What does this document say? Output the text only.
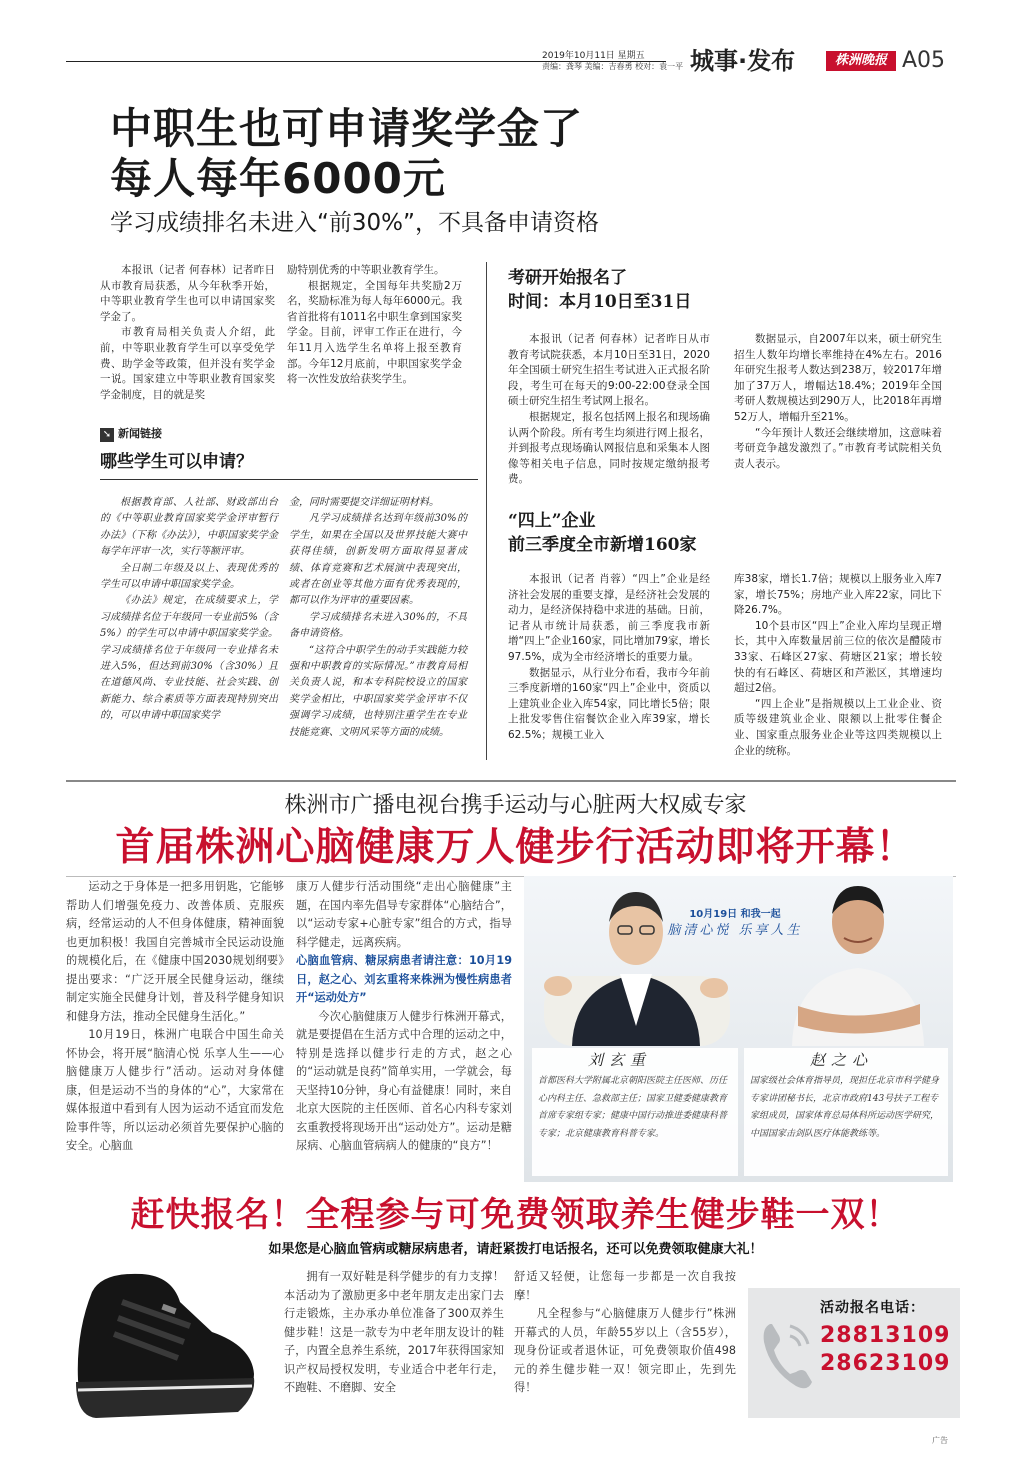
2019年10月11日 星期五
责编：龚琴 美编：吉春勇 校对：袁一平 城事·发布	株洲晚报 A05
中职生也可申请奖学金了
每人每年6000元
学习成绩排名未进入“前30%”，不具备申请资格

本报讯（记者 何春林）记者昨日从市教育局获悉，从今年秋季开始，中等职业教育学生也可以申请国家奖学金了。

市教育局相关负责人介绍，此前，中等职业教育学生可以享受免学费、助学金等政策，但并没有奖学金一说。国家建立中等职业教育国家奖学金制度，目的就是奖

励特别优秀的中等职业教育学生。

根据规定，全国每年共奖励2万名，奖励标准为每人每年6000元。我省首批将有1011名中职生拿到国家奖学金。目前，评审工作正在进行，今年11月入选学生名单将上报至教育部。今年12月底前，中职国家奖学金将一次性发放给获奖学生。

➘ 新闻链接
哪些学生可以申请？

根据教育部、人社部、财政部出台的《中等职业教育国家奖学金评审暂行办法》（下称《办法》），中职国家奖学金每学年评审一次，实行等额评审。

全日制二年级及以上、表现优秀的学生可以申请中职国家奖学金。

《办法》规定，在成绩要求上，学习成绩排名位于年级同一专业前5%（含5%）的学生可以申请中职国家奖学金。学习成绩排名位于年级同一专业排名未进入5%，但达到前30%（含30%）且在道德风尚、专业技能、社会实践、创新能力、综合素质等方面表现特别突出的，可以申请中职国家奖学

金，同时需要提交详细证明材料。

凡学习成绩排名达到年级前30%的学生，如果在全国以及世界技能大赛中获得佳绩，创新发明方面取得显著成绩、体育竞赛和艺术展演中表现突出，或者在创业等其他方面有优秀表现的，都可以作为评审的重要因素。

学习成绩排名未进入30%的，不具备申请资格。

“这符合中职学生的动手实践能力较强和中职教育的实际情况。”市教育局相关负责人说，和本专科院校设立的国家奖学金相比，中职国家奖学金评审不仅强调学习成绩，也特别注重学生在专业技能竞赛、文明风采等方面的成绩。

考研开始报名了
时间：本月10日至31日

本报讯（记者 何春林）记者昨日从市教育考试院获悉，本月10日至31日，2020年全国硕士研究生招生考试进入正式报名阶段，考生可在每天的9:00-22:00登录全国硕士研究生招生考试网上报名。

根据规定，报名包括网上报名和现场确认两个阶段。所有考生均须进行网上报名，并到报考点现场确认网报信息和采集本人图像等相关电子信息，同时按规定缴纳报考费。

数据显示，自2007年以来，硕士研究生招生人数年均增长率维持在4%左右。2016年研究生报考人数达到238万，较2017年增加了37万人，增幅达18.4%；2019年全国考研人数规模达到290万人，比2018年再增52万人，增幅升至21%。

“今年预计人数还会继续增加，这意味着考研竞争越发激烈了。”市教育考试院相关负责人表示。

“四上”企业
前三季度全市新增160家

本报讯（记者 肖蓉）“四上”企业是经济社会发展的重要支撑，是经济社会发展的动力，是经济保持稳中求进的基础。日前，记者从市统计局获悉，前三季度我市新增“四上”企业160家，同比增加79家，增长97.5%，成为全市经济增长的重要力量。

数据显示，从行业分布看，我市今年前三季度新增的160家“四上”企业中，资质以上建筑业企业入库54家，同比增长5倍；限上批发零售住宿餐饮企业入库39家，增长62.5%；规模工业入

库38家，增长1.7倍；规模以上服务业入库7家，增长75%；房地产业入库22家，同比下降26.7%。

10个县市区“四上”企业入库均呈现正增长，其中入库数量居前三位的依次是醴陵市33家、石峰区27家、荷塘区21家；增长较快的有石峰区、荷塘区和芦淞区，其增速均超过2倍。

“四上企业”是指规模以上工业企业、资质等级建筑业企业、限额以上批零住餐企业、国家重点服务业企业等这四类规模以上企业的统称。

株洲市广播电视台携手运动与心脏两大权威专家
首届株洲心脑健康万人健步行活动即将开幕！

运动之于身体是一把多用钥匙，它能够帮助人们增强免疫力、改善体质、克服疾病，经常运动的人不但身体健康，精神面貌也更加积极！我国自完善城市全民运动设施的规模化后，在《健康中国2030规划纲要》提出要求：“广泛开展全民健身运动，继续制定实施全民健身计划，普及科学健身知识和健身方法，推动全民健身生活化。”

10月19日，株洲广电联合中国生命关怀协会，将开展“脑清心悦 乐享人生——心脑健康万人健步行”活动。运动对身体健康，但是运动不当的身体的“心”，大家常在媒体报道中看到有人因为运动不适宜而发危险事件等，所以运动必须首先要保护心脑的安全。心脑血

康万人健步行活动围绕“走出心脑健康”主题，在国内率先倡导专家群体“心脑结合”，以“运动专家+心脏专家”组合的方式，指导科学健走，远离疾病。

心脑血管病、糖尿病患者请注意：10月19日，赵之心、刘玄重将来株洲为慢性病患者开“运动处方”

今次心脑健康万人健步行株洲开幕式，就是要提倡在生活方式中合理的运动之中，特别是选择以健步行走的方式，赵之心的“运动就是良药”简单实用，一学就会，每天坚持10分钟，身心有益健康！同时，来自北京大医院的主任医师、首名心内科专家刘玄重教授将现场开出“运动处方”。运动是糖尿病、心脑血管病病人的健康的“良方”！

10月19日 和我一起
脑清心悦 乐享人生
刘玄重
首都医科大学附属北京朝阳医院主任医师、历任心内科主任、急救部主任；国家卫健委健康教育首席专家组专家；健康中国行动推进委健康科普专家；北京健康教育科普专家。
赵之心
国家级社会体育指导员，现担任北京市科学健身专家讲团秘书长，北京市政府143号扶子工程专家组成员，国家体育总局体科所运动医学研究，中国国家击剑队医疗体能教练等。
赶快报名！全程参与可免费领取养生健步鞋一双！
如果您是心脑血管病或糖尿病患者，请赶紧拨打电话报名，还可以免费领取健康大礼！

拥有一双好鞋是科学健步的有力支撑！本活动为了激励更多中老年朋友走出家门去行走锻炼，主办承办单位准备了300双养生健步鞋！这是一款专为中老年朋友设计的鞋子，内置全息养生系统，2017年获得国家知识产权局授权发明，专业适合中老年行走，不跑鞋、不磨脚、安全

舒适又轻便，让您每一步都是一次自我按摩！

凡全程参与“心脑健康万人健步行”株洲开幕式的人员，年龄55岁以上（含55岁），现身份证或者退休证，可免费领取价值498元的养生健步鞋一双！领完即止，先到先得！

活动报名电话：
28813109
28623109
广告
